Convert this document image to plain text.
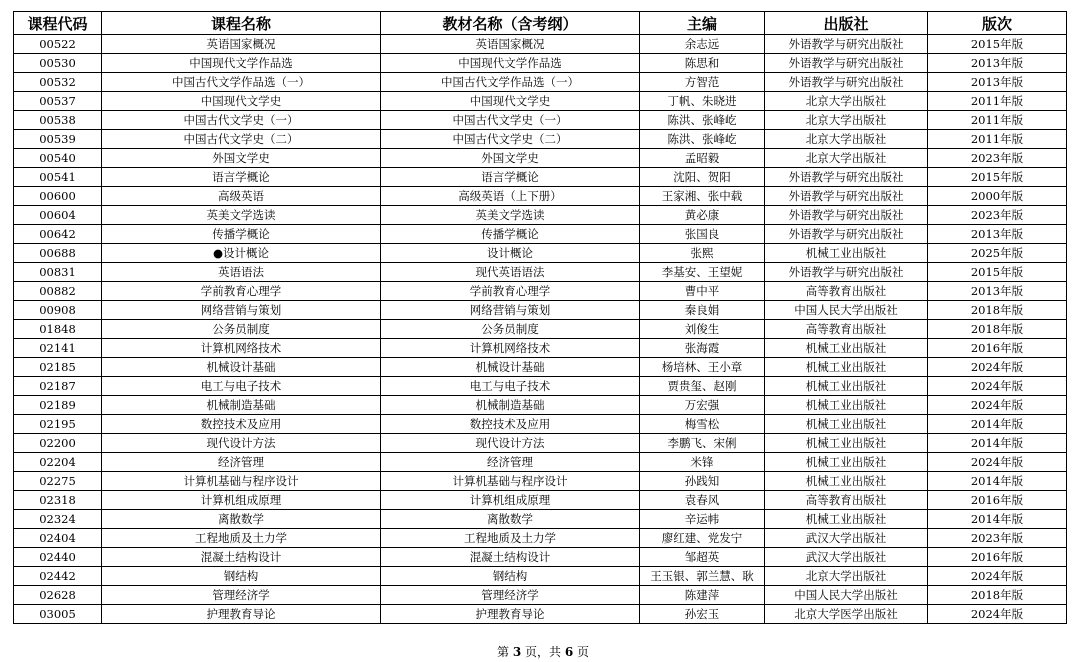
课程代码	课程名称	教材名称（含考纲）	主编	出版社	版次
00522	英语国家概况	英语国家概况	余志远	外语教学与研究出版社	2015年版
00530	中国现代文学作品选	中国现代文学作品选	陈思和	外语教学与研究出版社	2013年版
00532	中国古代文学作品选（一）	中国古代文学作品选（一）	方智范	外语教学与研究出版社	2013年版
00537	中国现代文学史	中国现代文学史	丁帆、朱晓进	北京大学出版社	2011年版
00538	中国古代文学史（一）	中国古代文学史（一）	陈洪、张峰屹	北京大学出版社	2011年版
00539	中国古代文学史（二）	中国古代文学史（二）	陈洪、张峰屹	北京大学出版社	2011年版
00540	外国文学史	外国文学史	孟昭毅	北京大学出版社	2023年版
00541	语言学概论	语言学概论	沈阳、贺阳	外语教学与研究出版社	2015年版
00600	高级英语	高级英语（上下册）	王家湘、张中载	外语教学与研究出版社	2000年版
00604	英美文学选读	英美文学选读	黄必康	外语教学与研究出版社	2023年版
00642	传播学概论	传播学概论	张国良	外语教学与研究出版社	2013年版
00688	●设计概论	设计概论	张熙	机械工业出版社	2025年版
00831	英语语法	现代英语语法	李基安、王望妮	外语教学与研究出版社	2015年版
00882	学前教育心理学	学前教育心理学	曹中平	高等教育出版社	2013年版
00908	网络营销与策划	网络营销与策划	秦良娟	中国人民大学出版社	2018年版
01848	公务员制度	公务员制度	刘俊生	高等教育出版社	2018年版
02141	计算机网络技术	计算机网络技术	张海霞	机械工业出版社	2016年版
02185	机械设计基础	机械设计基础	杨培林、王小章	机械工业出版社	2024年版
02187	电工与电子技术	电工与电子技术	贾贵玺、赵刚	机械工业出版社	2024年版
02189	机械制造基础	机械制造基础	万宏强	机械工业出版社	2024年版
02195	数控技术及应用	数控技术及应用	梅雪松	机械工业出版社	2014年版
02200	现代设计方法	现代设计方法	李鹏飞、宋俐	机械工业出版社	2014年版
02204	经济管理	经济管理	米锋	机械工业出版社	2024年版
02275	计算机基础与程序设计	计算机基础与程序设计	孙践知	机械工业出版社	2014年版
02318	计算机组成原理	计算机组成原理	袁春风	高等教育出版社	2016年版
02324	离散数学	离散数学	辛运帏	机械工业出版社	2014年版
02404	工程地质及土力学	工程地质及土力学	廖红建、党发宁	武汉大学出版社	2023年版
02440	混凝土结构设计	混凝土结构设计	邹超英	武汉大学出版社	2016年版
02442	钢结构	钢结构	王玉银、郭兰慧、耿	北京大学出版社	2024年版
02628	管理经济学	管理经济学	陈建萍	中国人民大学出版社	2018年版
03005	护理教育导论	护理教育导论	孙宏玉	北京大学医学出版社	2024年版
第 3 页，共 6 页
